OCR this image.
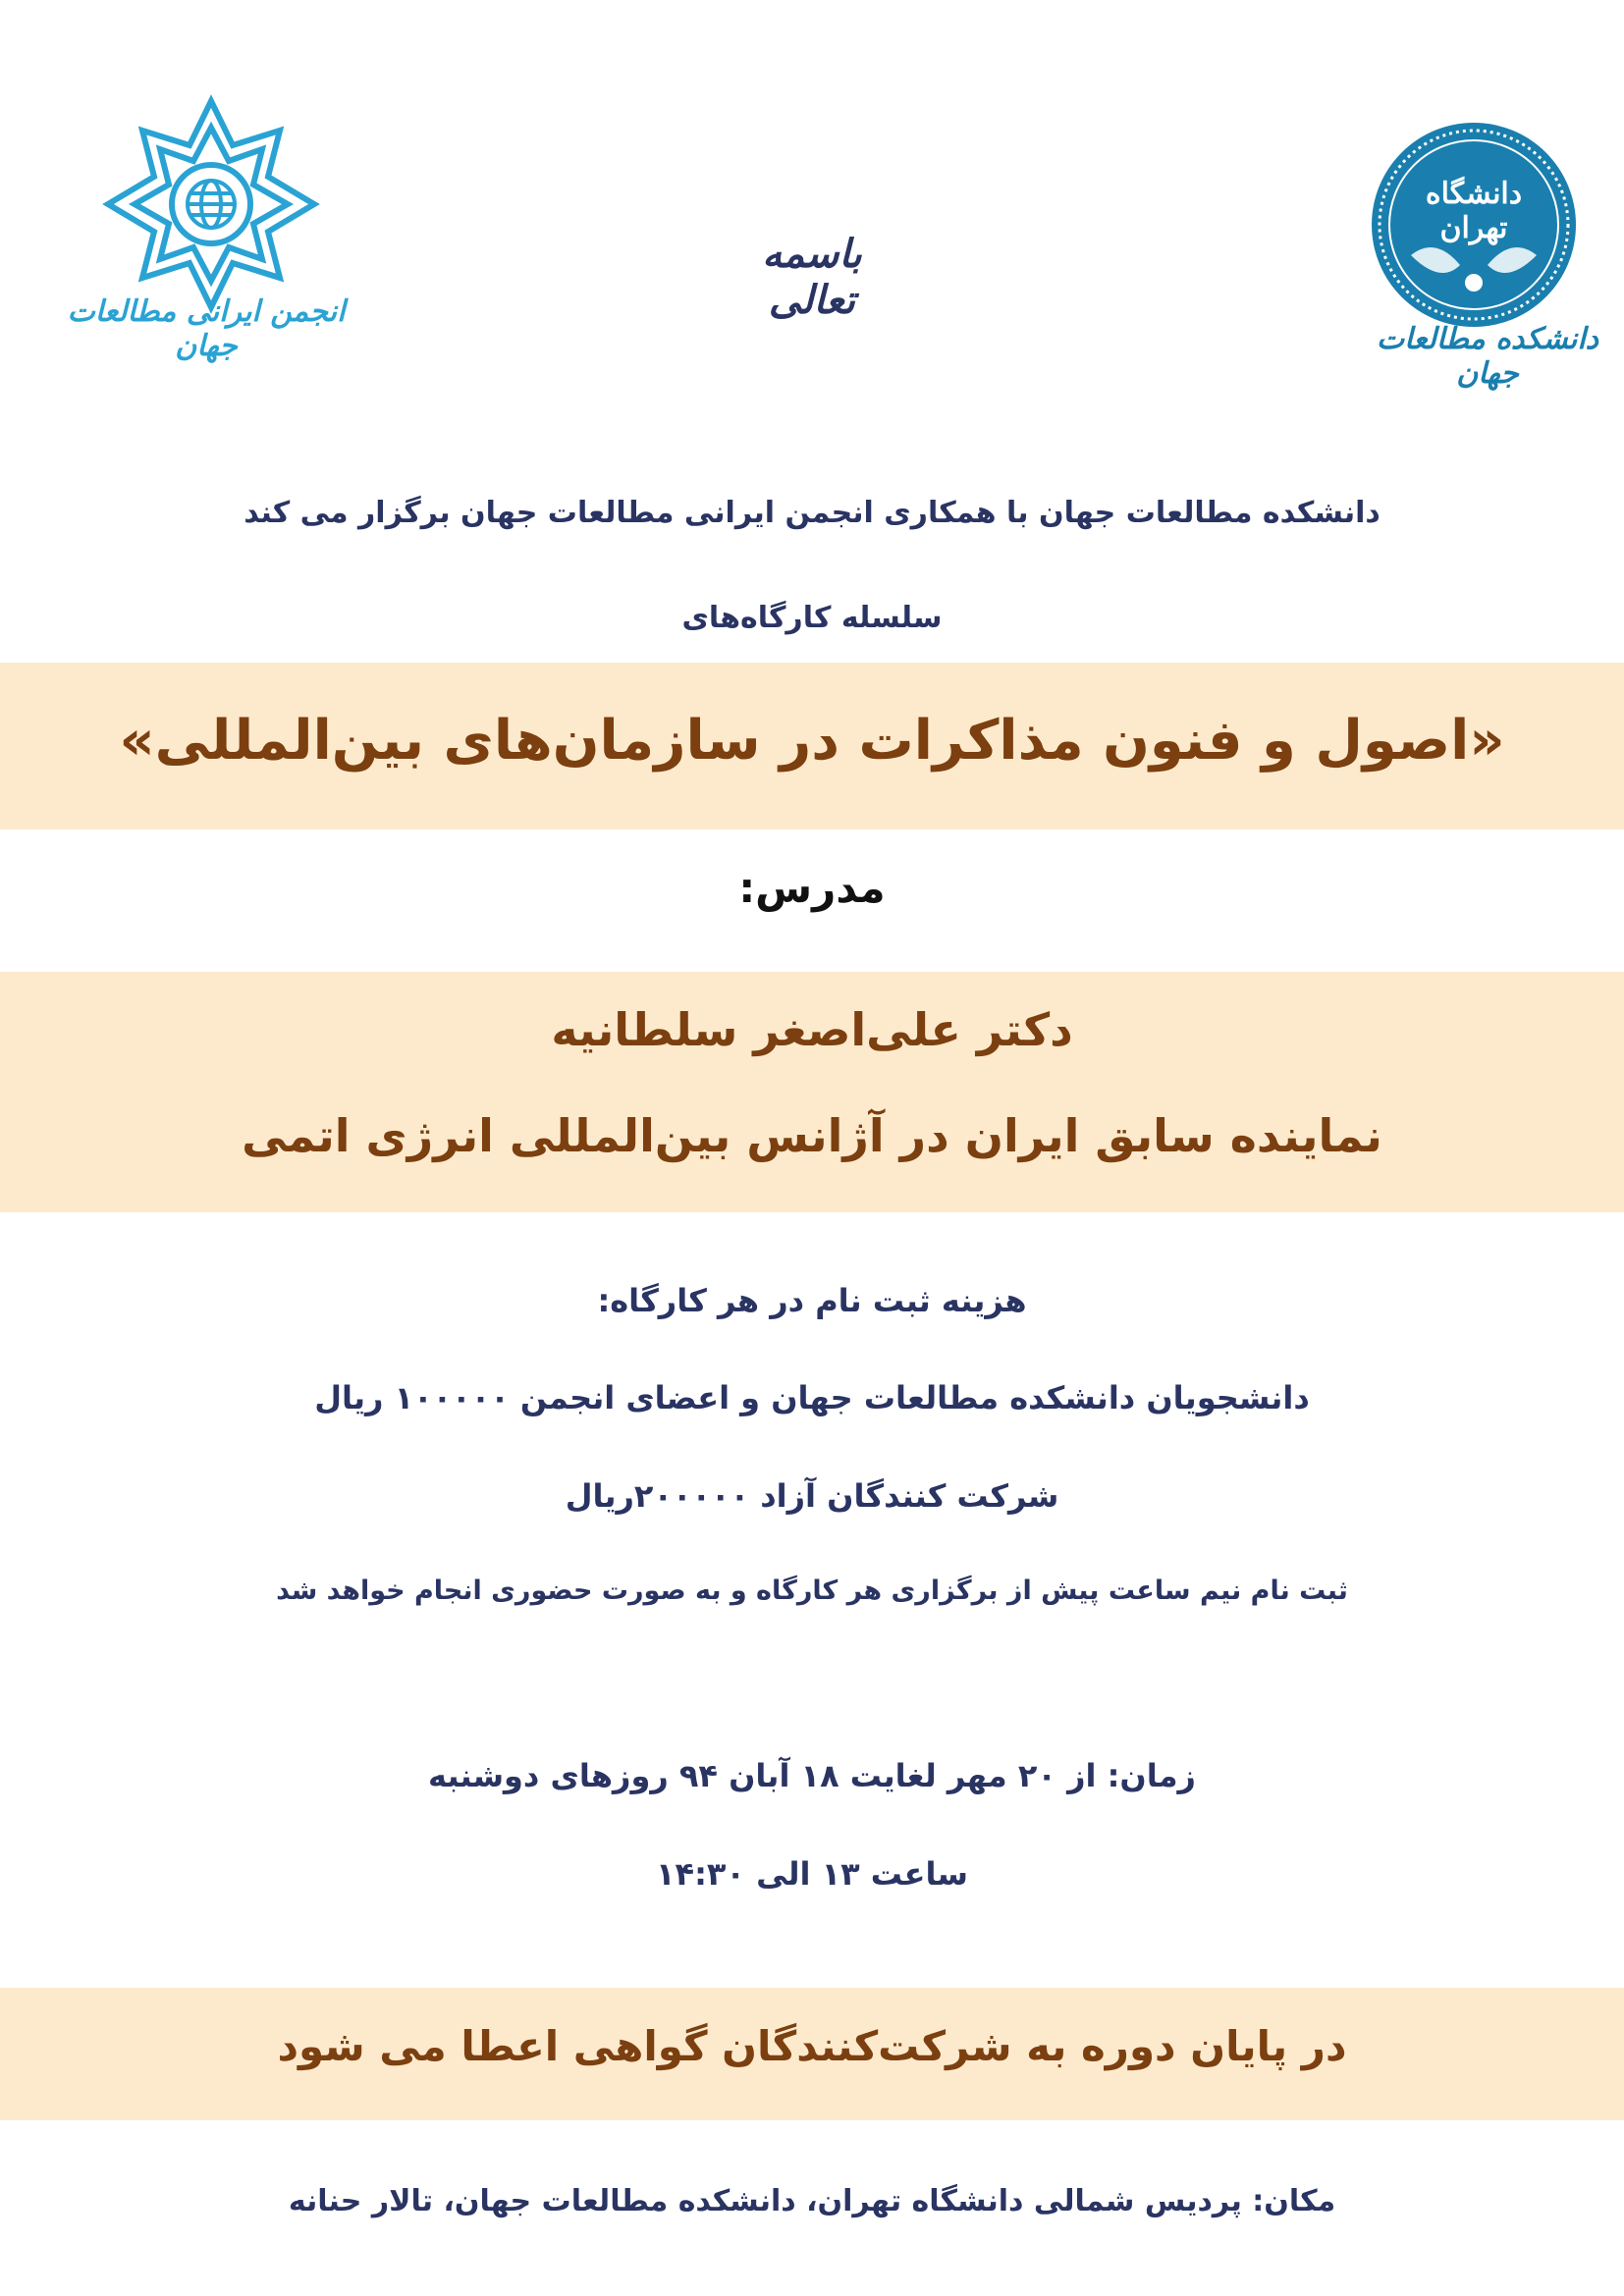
انجمن ایرانی مطالعات جهان
باسمه تعالی
دانشگاه تهران
دانشکده مطالعات جهان
دانشکده مطالعات جهان با همکاری انجمن ایرانی مطالعات جهان برگزار می کند
سلسله کارگاه‌های
«اصول و فنون مذاکرات در سازمان‌های بین‌المللی»
مدرس:
دکتر علی‌اصغر سلطانیه
نماینده سابق ایران در آژانس بین‌المللی انرژی اتمی
هزینه ثبت نام در هر کارگاه:
دانشجویان دانشکده مطالعات جهان و اعضای انجمن ۱۰۰۰۰۰ ریال
شرکت کنندگان آزاد ۲۰۰۰۰۰ریال
ثبت نام نیم ساعت پیش از برگزاری هر کارگاه و به صورت حضوری انجام خواهد شد
زمان: از ۲۰ مهر لغایت ۱۸ آبان ۹۴ روزهای دوشنبه
ساعت ۱۳ الی ۱۴:۳۰
در پایان دوره به شرکت‌کنندگان گواهی اعطا می شود
مکان: پردیس شمالی دانشگاه تهران، دانشکده مطالعات جهان، تالار حنانه
